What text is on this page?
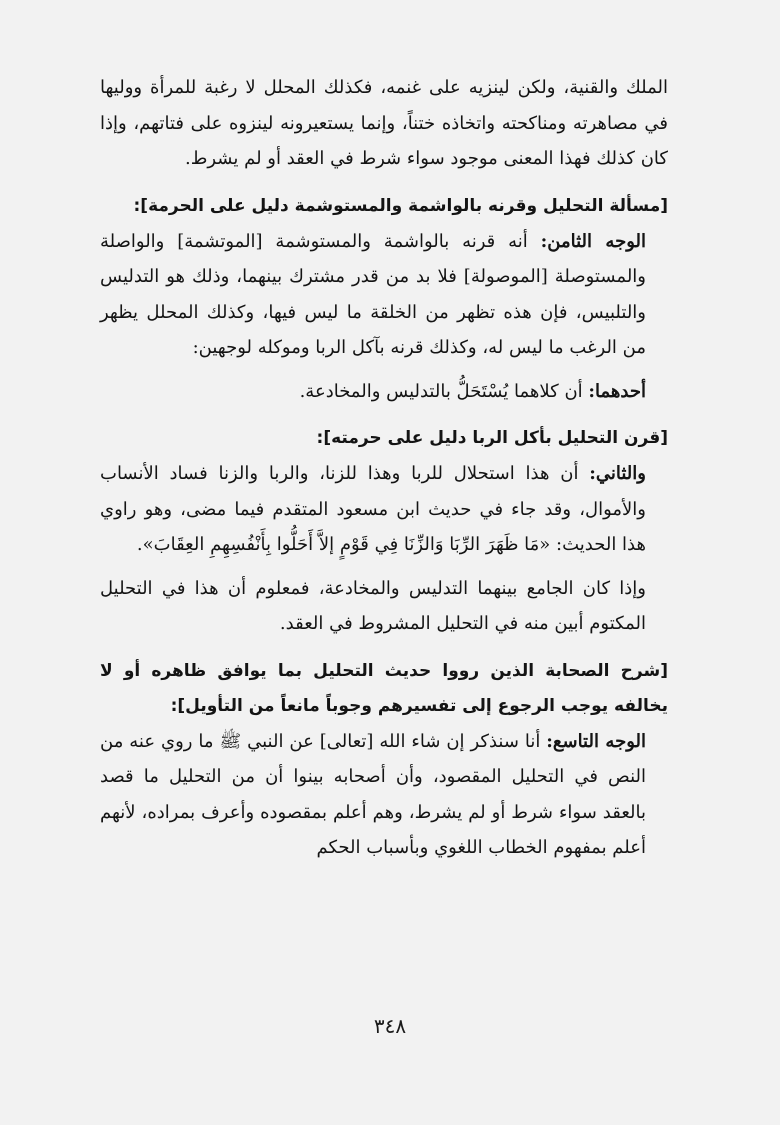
الملك والقنية، ولكن لينزيه على غنمه، فكذلك المحلل لا رغبة للمرأة ووليها في مصاهرته ومناكحته واتخاذه ختناً، وإنما يستعيرونه لينزوه على فتاتهم، وإذا كان كذلك فهذا المعنى موجود سواء شرط في العقد أو لم يشرط.

[مسألة التحليل وقرنه بالواشمة والمستوشمة دليل على الحرمة]:

الوجه الثامن: أنه قرنه بالواشمة والمستوشمة [الموتشمة] والواصلة والمستوصلة [الموصولة] فلا بد من قدر مشترك بينهما، وذلك هو التدليس والتلبيس، فإن هذه تظهر من الخلقة ما ليس فيها، وكذلك المحلل يظهر من الرغب ما ليس له، وكذلك قرنه بآكل الربا وموكله لوجهين:

أحدهما: أن كلاهما يُسْتَحَلُّ بالتدليس والمخادعة.

[قرن التحليل بأكل الربا دليل على حرمته]:

والثاني: أن هذا استحلال للربا وهذا للزنا، والربا والزنا فساد الأنساب والأموال، وقد جاء في حديث ابن مسعود المتقدم فيما مضى، وهو راوي هذا الحديث: «مَا ظَهَرَ الرِّبَا وَالزِّنَا فِي قَوْمٍ إلاَّ أَحَلُّوا بِأَنْفُسِهِمِ العِقَابَ».

وإذا كان الجامع بينهما التدليس والمخادعة، فمعلوم أن هذا في التحليل المكتوم أبين منه في التحليل المشروط في العقد.

[شرح الصحابة الذين رووا حديث التحليل بما يوافق ظاهره أو لا يخالفه يوجب الرجوع إلى تفسيرهم وجوباً مانعاً من التأويل]:

الوجه التاسع: أنا سنذكر إن شاء الله [تعالى] عن النبي ﷺ ما روي عنه من النص في التحليل المقصود، وأن أصحابه بينوا أن من التحليل ما قصد بالعقد سواء شرط أو لم يشرط، وهم أعلم بمقصوده وأعرف بمراده، لأنهم أعلم بمفهوم الخطاب اللغوي وبأسباب الحكم

٣٤٨
